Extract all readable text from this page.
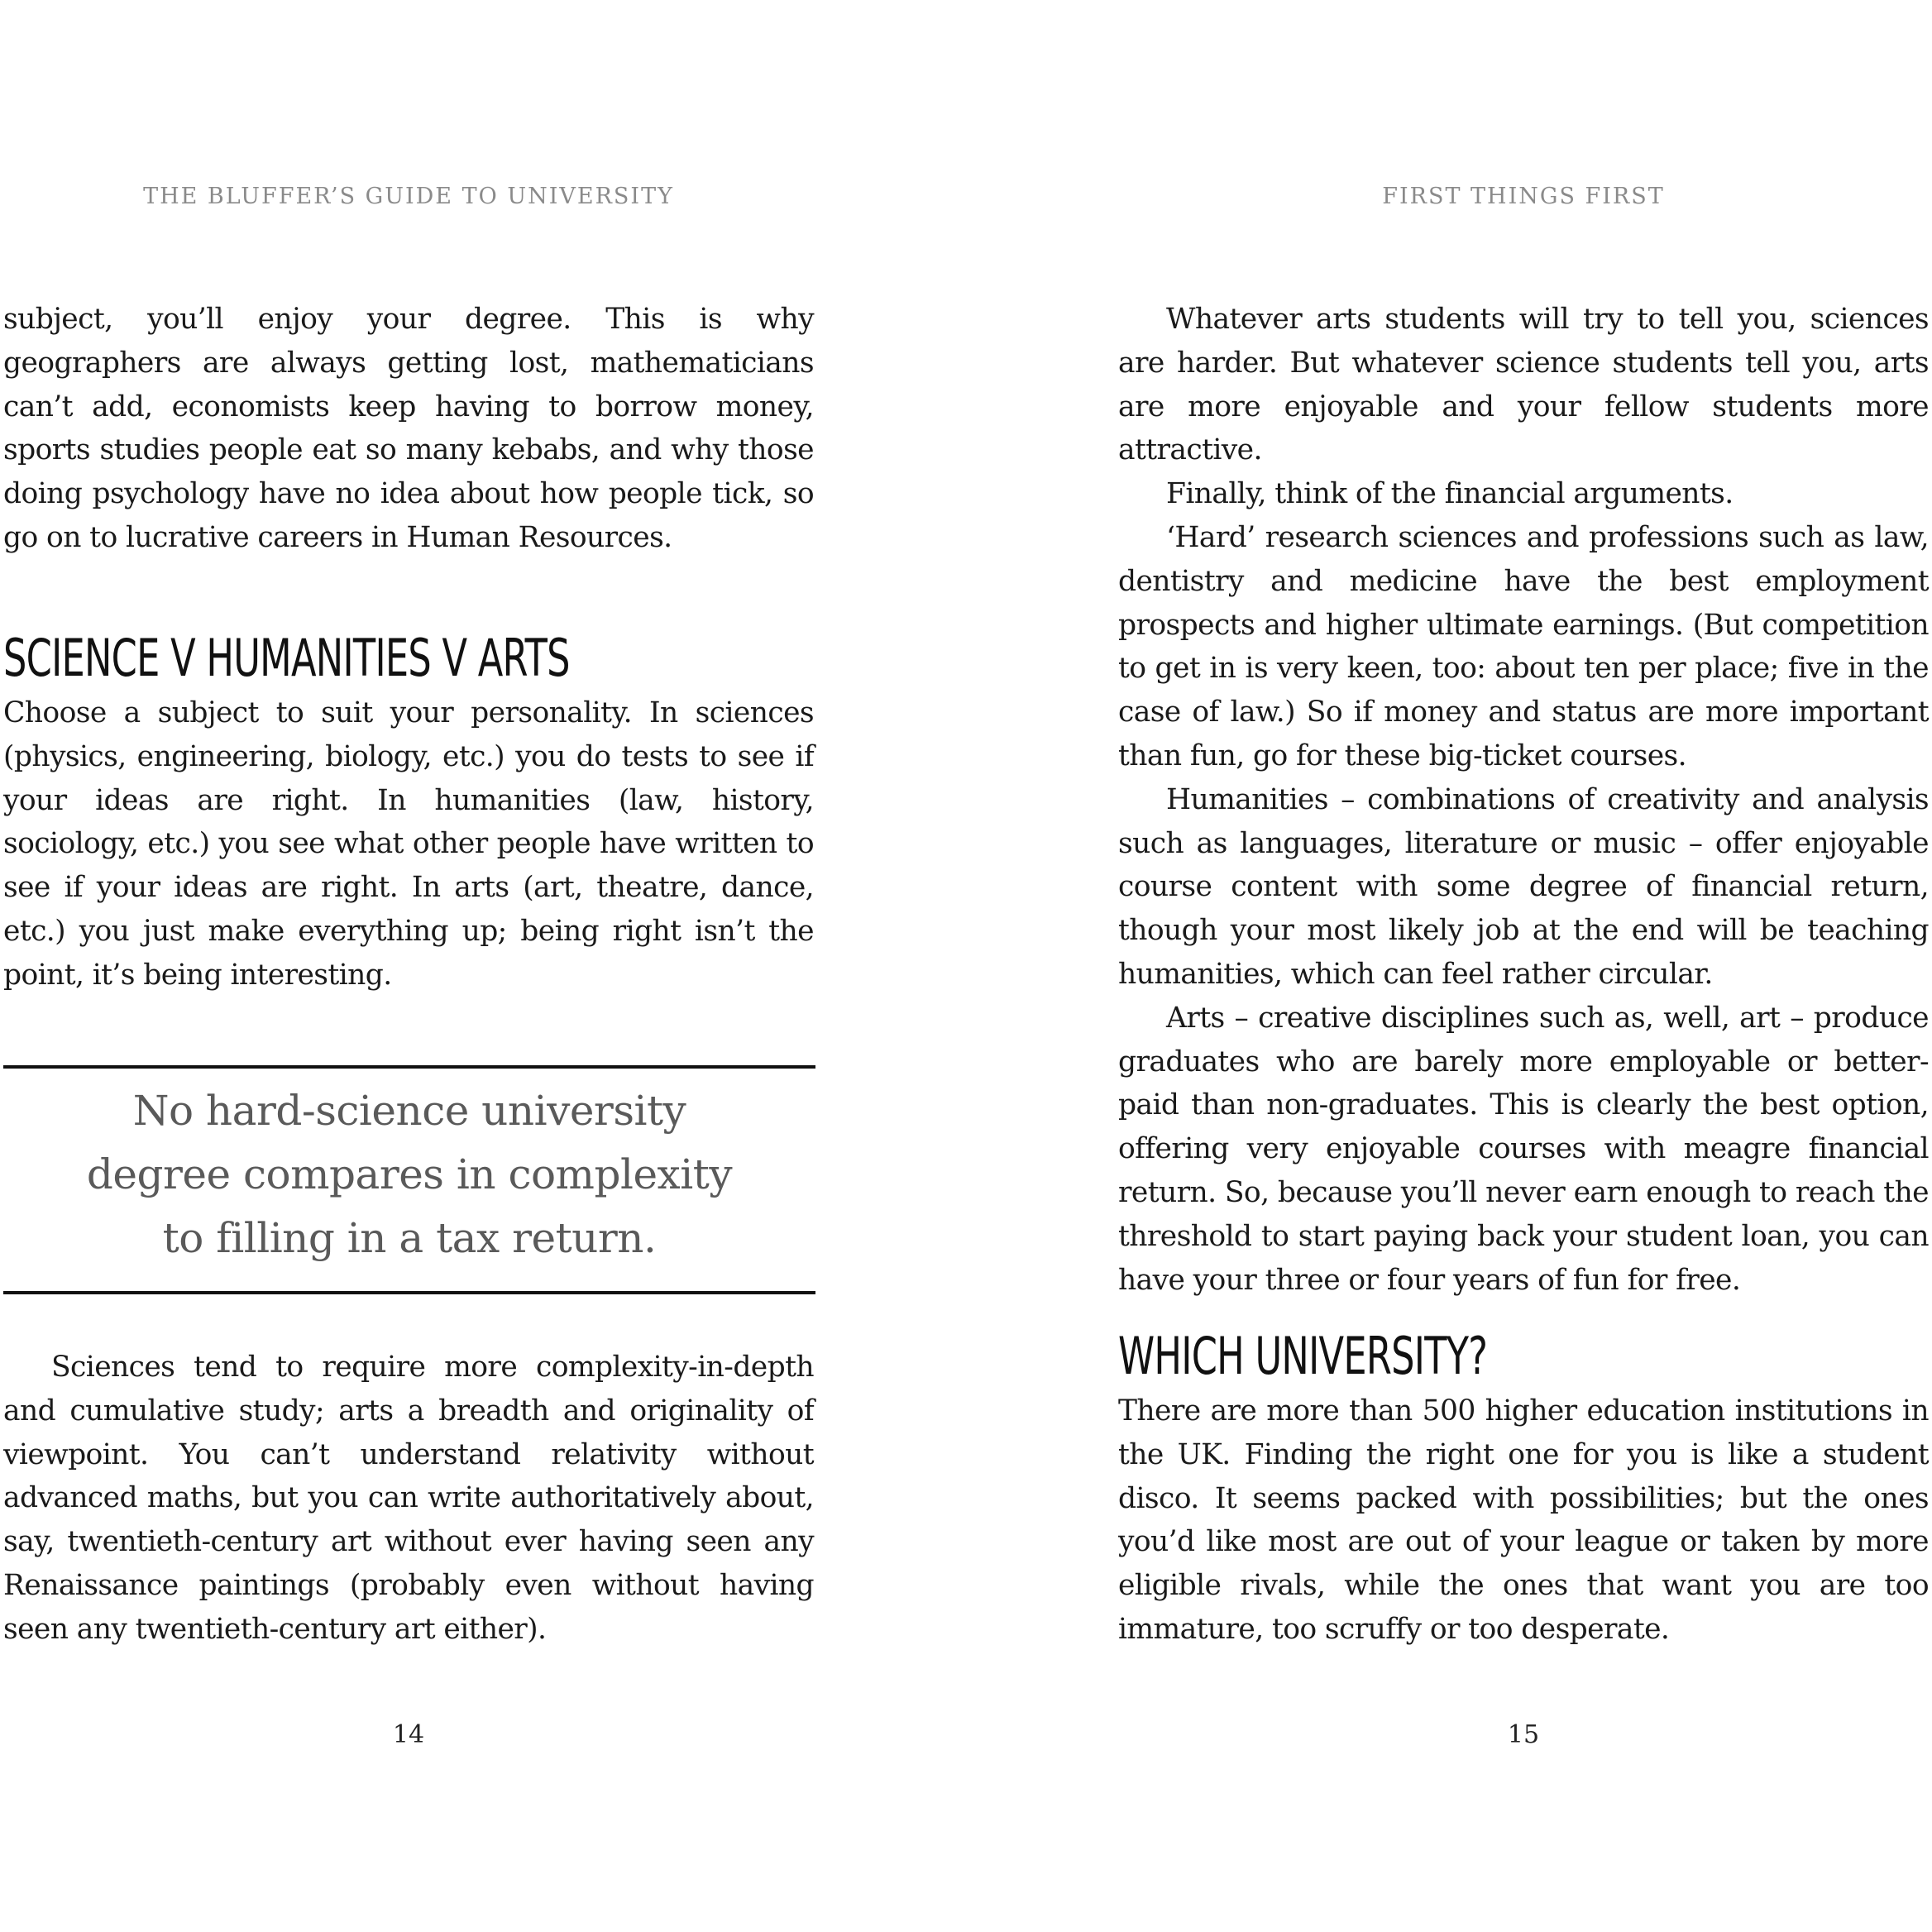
THE BLUFFER’S GUIDE TO UNIVERSITY

subject, you’ll enjoy your degree. This is why geographers are always getting lost, mathematicians can’t add, economists keep having to borrow money, sports studies people eat so many kebabs, and why those doing psychology have no idea about how people tick, so go on to lucrative careers in Human Resources.

SCIENCE V HUMANITIES V ARTS

Choose a subject to suit your personality. In sciences (physics, engineering, biology, etc.) you do tests to see if your ideas are right. In humanities (law, history, sociology, etc.) you see what other people have written to see if your ideas are right. In arts (art, theatre, dance, etc.) you just make everything up; being right isn’t the point, it’s being interesting.

No hard-science university
degree compares in complexity
to filling in a tax return.

Sciences tend to require more complexity-in-depth and cumulative study; arts a breadth and originality of viewpoint. You can’t understand relativity without advanced maths, but you can write authoritatively about, say, twentieth-century art without ever having seen any Renaissance paintings (probably even without having seen any twentieth-century art either).

14

FIRST THINGS FIRST

Whatever arts students will try to tell you, sciences are harder. But whatever science students tell you, arts are more enjoyable and your fellow students more attractive.

Finally, think of the financial arguments.

‘Hard’ research sciences and professions such as law, dentistry and medicine have the best employment prospects and higher ultimate earnings. (But competition to get in is very keen, too: about ten per place; five in the case of law.) So if money and status are more important than fun, go for these big-ticket courses.

Humanities – combinations of creativity and analysis such as languages, literature or music – offer enjoyable course content with some degree of financial return, though your most likely job at the end will be teaching humanities, which can feel rather circular.

Arts – creative disciplines such as, well, art – produce graduates who are barely more employable or better-paid than non-graduates. This is clearly the best option, offering very enjoyable courses with meagre financial return. So, because you’ll never earn enough to reach the threshold to start paying back your student loan, you can have your three or four years of fun for free.

WHICH UNIVERSITY?

There are more than 500 higher education institutions in the UK. Finding the right one for you is like a student disco. It seems packed with possibilities; but the ones you’d like most are out of your league or taken by more eligible rivals, while the ones that want you are too immature, too scruffy or too desperate.

15
